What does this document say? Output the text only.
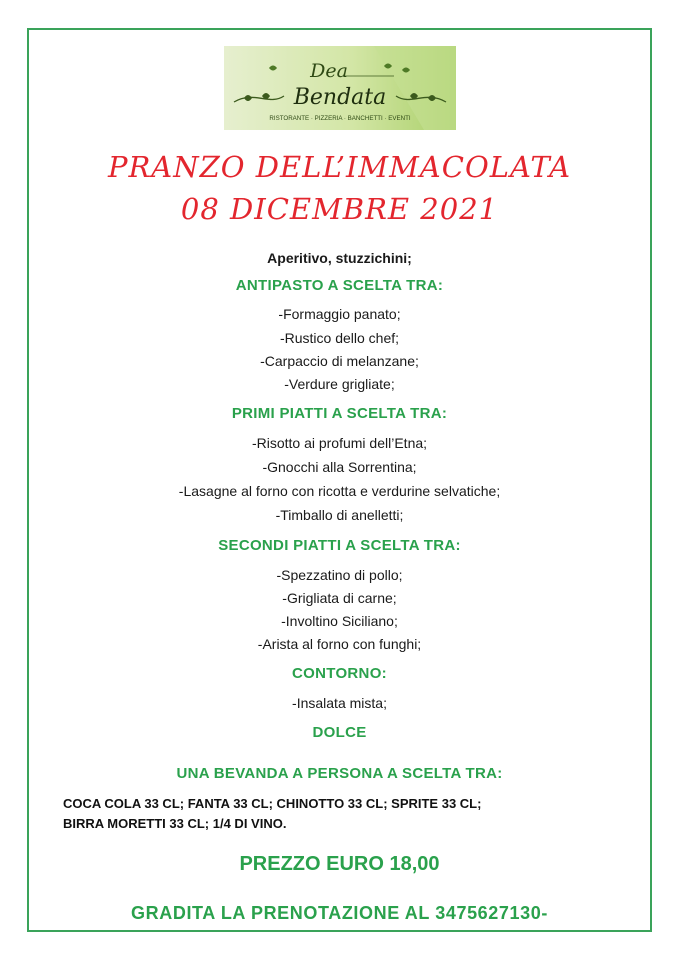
Dea
Bendata
RISTORANTE · PIZZERIA · BANCHETTI · EVENTI
PRANZO DELL’IMMACOLATA
08 DICEMBRE 2021
Aperitivo, stuzzichini;
ANTIPASTO A SCELTA TRA:
-Formaggio panato;
-Rustico dello chef;
-Carpaccio di melanzane;
-Verdure grigliate;
PRIMI PIATTI A SCELTA TRA:
-Risotto ai profumi dell’Etna;
-Gnocchi alla Sorrentina;
-Lasagne al forno con ricotta e verdurine selvatiche;
-Timballo di anelletti;
SECONDI PIATTI A SCELTA TRA:
-Spezzatino di pollo;
-Grigliata di carne;
-Involtino Siciliano;
-Arista al forno con funghi;
CONTORNO:
-Insalata mista;
DOLCE
UNA BEVANDA A PERSONA A SCELTA TRA:
COCA COLA 33 CL; FANTA 33 CL; CHINOTTO 33 CL; SPRITE 33 CL;
BIRRA MORETTI 33 CL; 1/4 DI VINO.
PREZZO EURO 18,00
GRADITA LA PRENOTAZIONE AL 3475627130-
